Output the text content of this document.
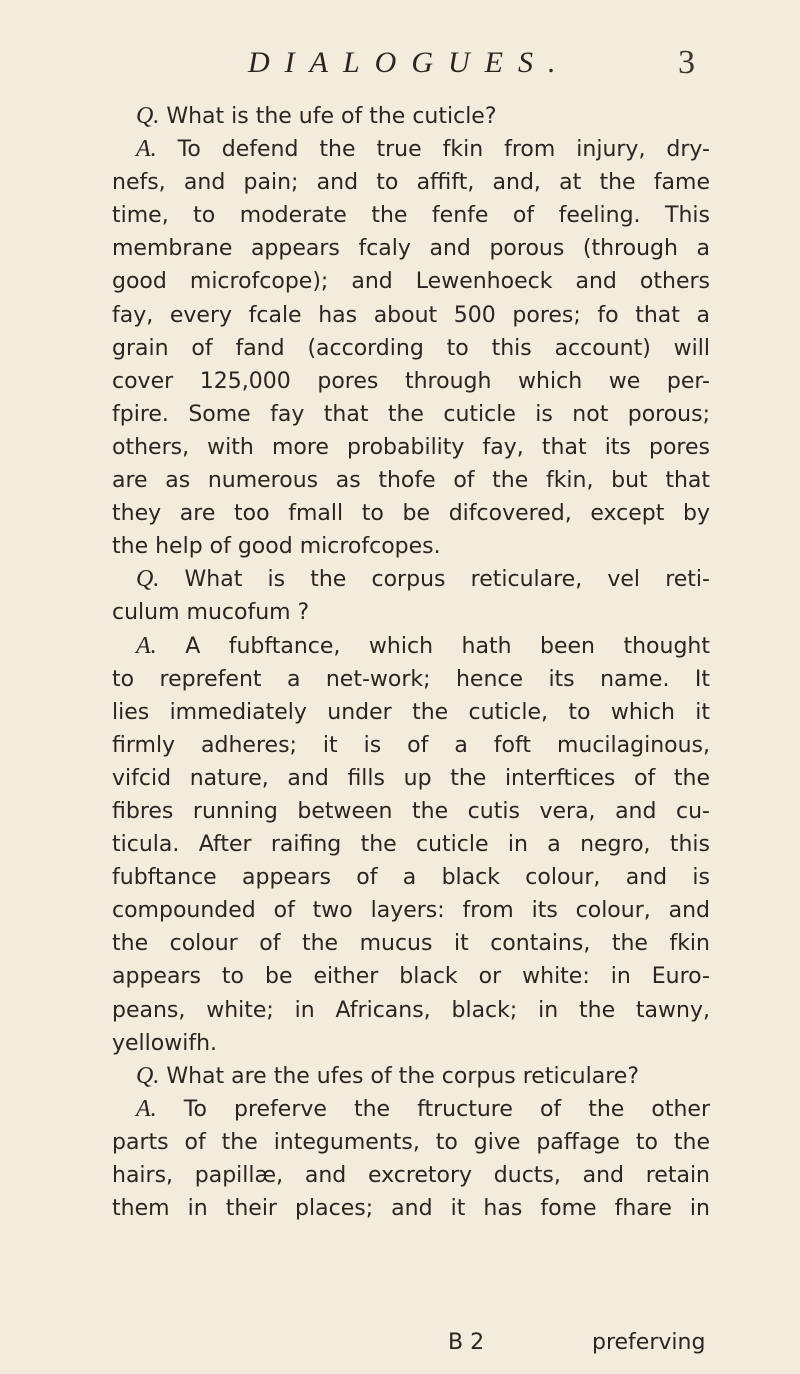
DIALOGUES.	3
Q. What is the ufe of the cuticle?
A. To defend the true fkin from injury, dry-
nefs, and pain; and to affift, and, at the fame
time, to moderate the fenfe of feeling. This
membrane appears fcaly and porous (through a
good microfcope); and Lewenhoeck and others
fay, every fcale has about 500 pores; fo that a
grain of fand (according to this account) will
cover 125,000 pores through which we per-
fpire. Some fay that the cuticle is not porous;
others, with more probability fay, that its pores
are as numerous as thofe of the fkin, but that
they are too fmall to be difcovered, except by
the help of good microfcopes.
Q. What is the corpus reticulare, vel reti-
culum mucofum ?
A. A fubftance, which hath been thought
to reprefent a net-work; hence its name. It
lies immediately under the cuticle, to which it
firmly adheres; it is of a foft mucilaginous,
vifcid nature, and fills up the interftices of the
fibres running between the cutis vera, and cu-
ticula. After raifing the cuticle in a negro, this
fubftance appears of a black colour, and is
compounded of two layers: from its colour, and
the colour of the mucus it contains, the fkin
appears to be either black or white: in Euro-
peans, white; in Africans, black; in the tawny,
yellowifh.
Q. What are the ufes of the corpus reticulare?
A. To preferve the ftructure of the other
parts of the integuments, to give paffage to the
hairs, papillæ, and excretory ducts, and retain
them in their places; and it has fome fhare in
B 2	preferving
